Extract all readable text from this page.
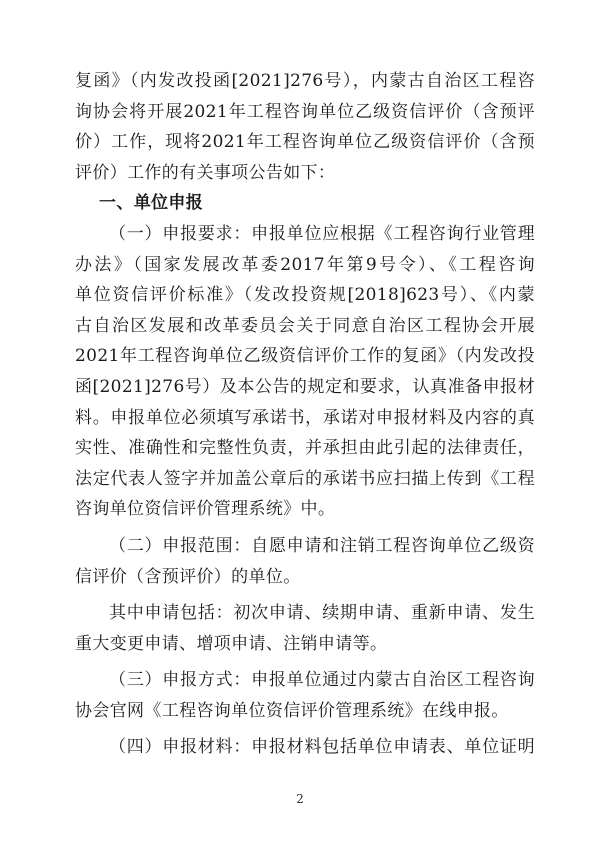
复函》（内发改投函[2021]276号），内蒙古自治区工程咨
询协会将开展2021年工程咨询单位乙级资信评价（含预评
价）工作，现将2021年工程咨询单位乙级资信评价（含预
评价）工作的有关事项公告如下：
一、单位申报
（一）申报要求：申报单位应根据《工程咨询行业管理
办法》（国家发展改革委2017年第9号令）、《工程咨询
单位资信评价标准》（发改投资规[2018]623号）、《内蒙
古自治区发展和改革委员会关于同意自治区工程协会开展
2021年工程咨询单位乙级资信评价工作的复函》（内发改投
函[2021]276号）及本公告的规定和要求，认真准备申报材
料。申报单位必须填写承诺书，承诺对申报材料及内容的真
实性、准确性和完整性负责，并承担由此引起的法律责任，
法定代表人签字并加盖公章后的承诺书应扫描上传到《工程
咨询单位资信评价管理系统》中。
（二）申报范围：自愿申请和注销工程咨询单位乙级资
信评价（含预评价）的单位。
其中申请包括：初次申请、续期申请、重新申请、发生
重大变更申请、增项申请、注销申请等。
（三）申报方式：申报单位通过内蒙古自治区工程咨询
协会官网《工程咨询单位资信评价管理系统》在线申报。
（四）申报材料：申报材料包括单位申请表、单位证明
2
